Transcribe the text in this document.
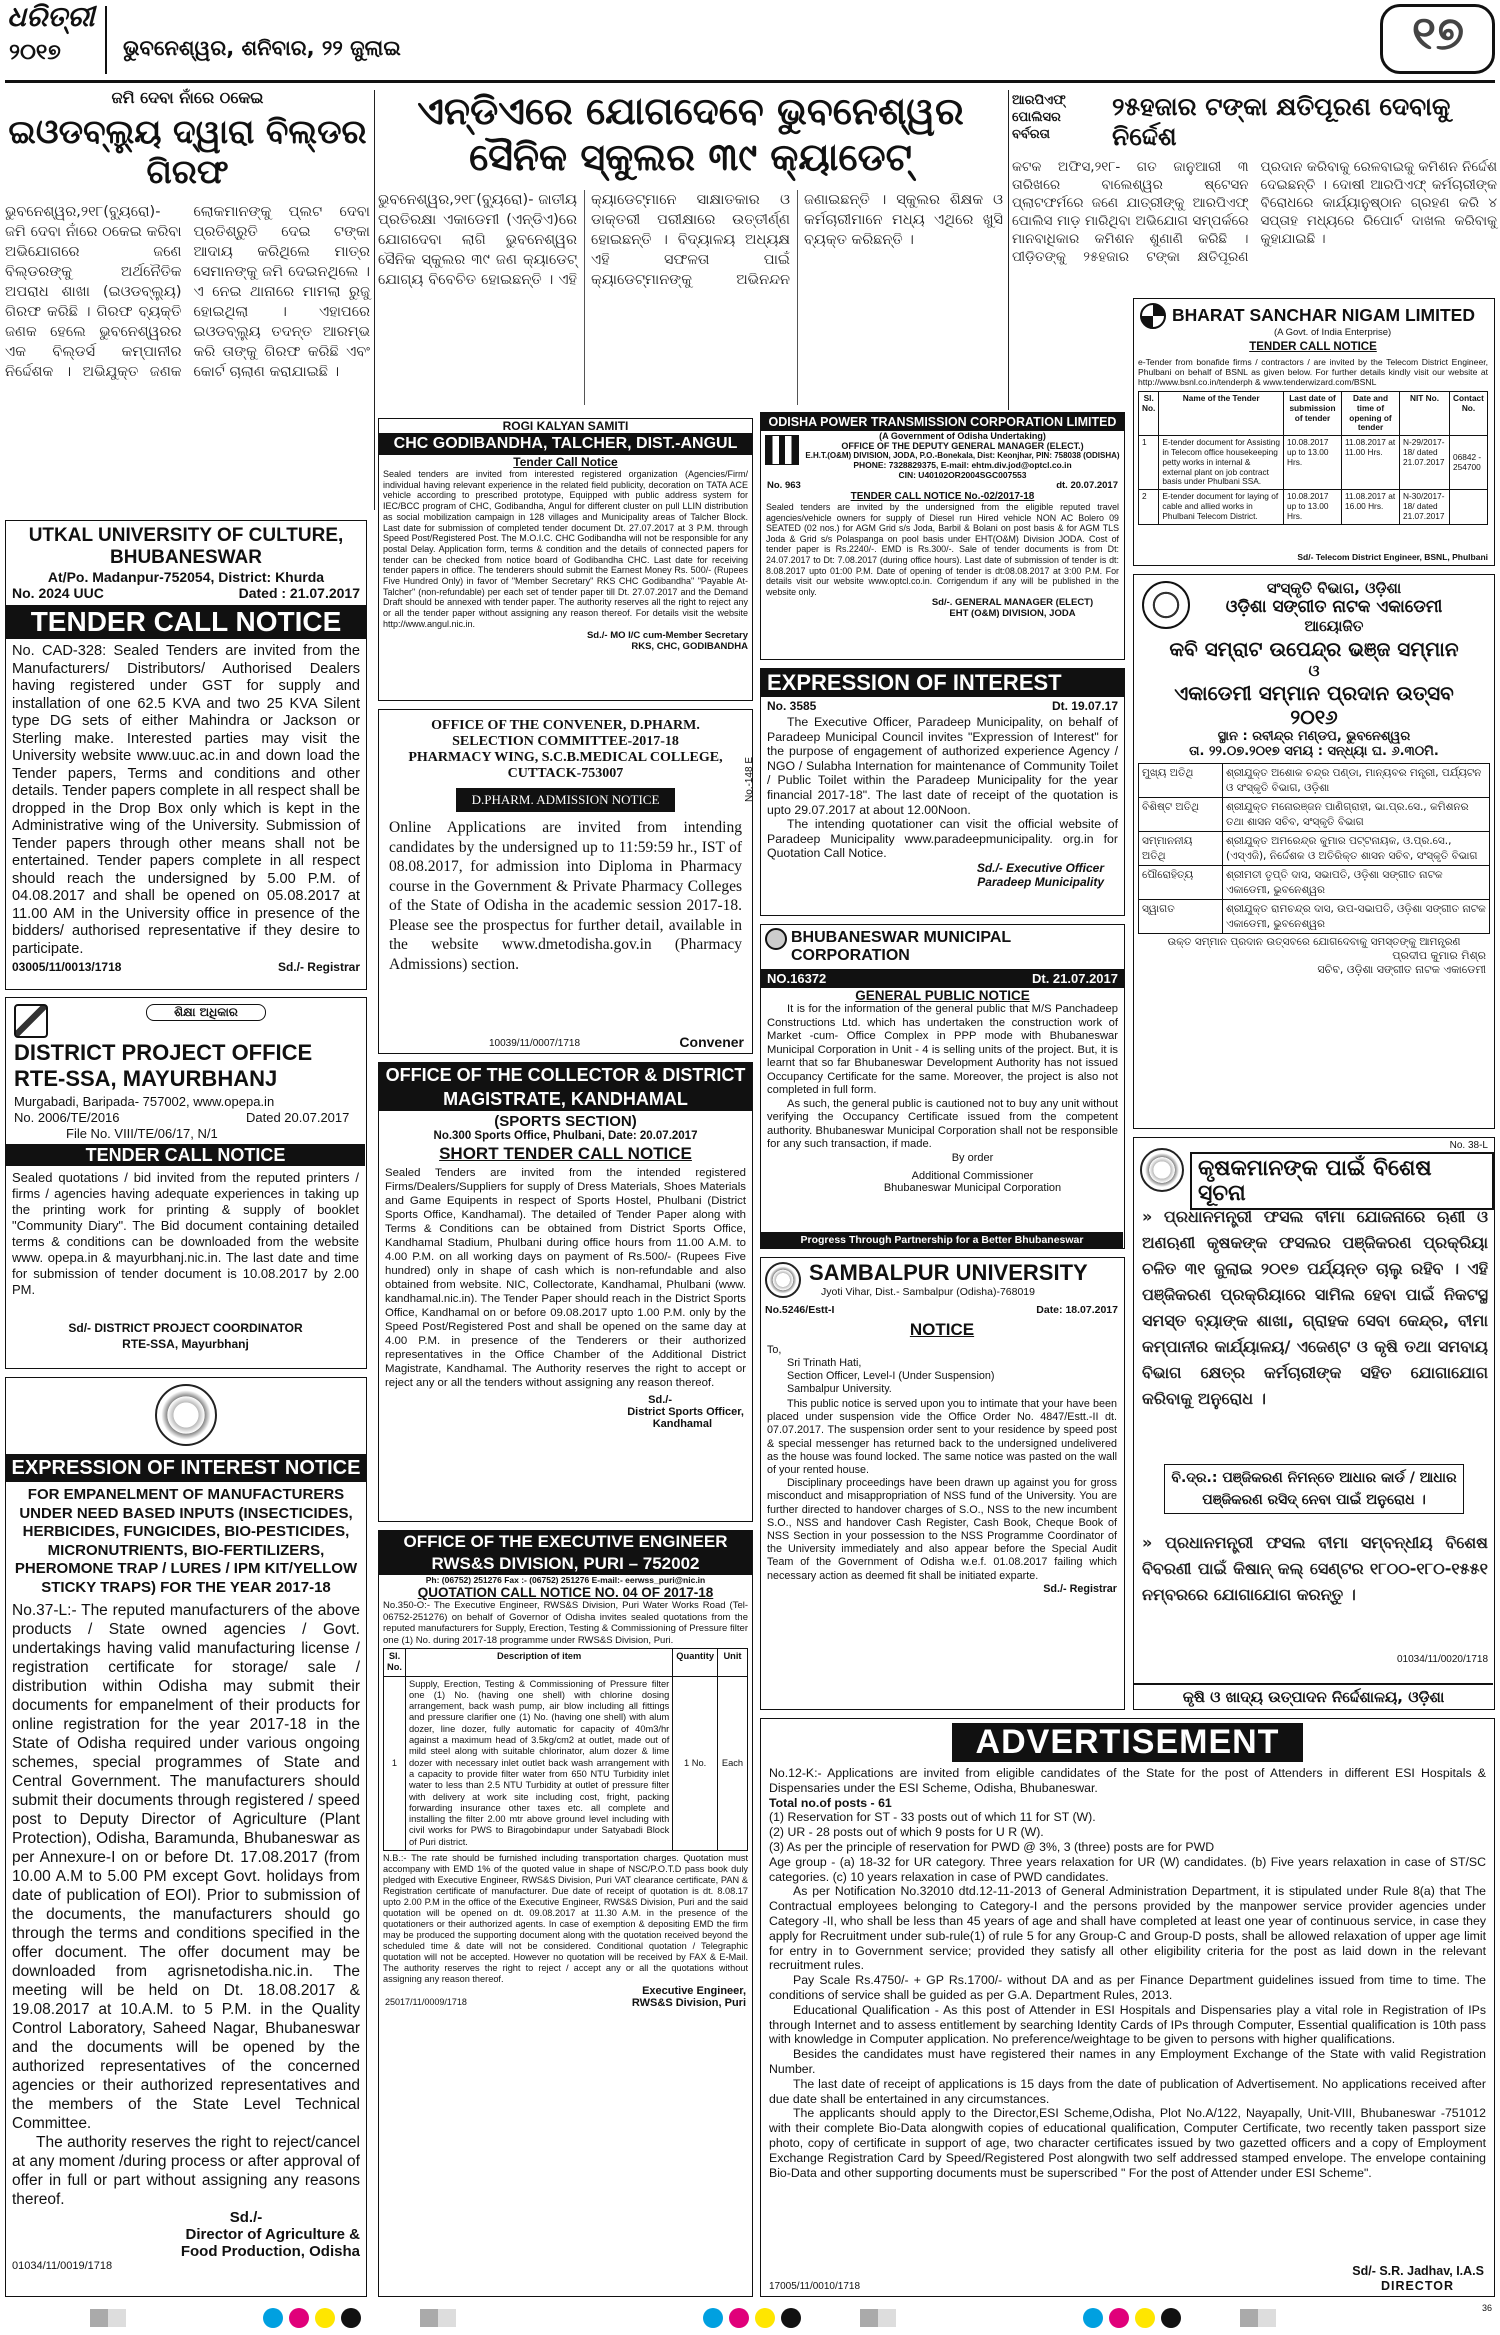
ଧରିତ୍ରୀ
୨୦୧୭	ଭୁବନେଶ୍ୱର, ଶନିବାର, ୨୨ ଜୁଲାଇ	୧୭
ଜମି ଦେବା ନାଁରେ ଠକେଇ
ଇଓଡବ୍ଲ୍ୟୁ ଦ୍ୱାରା ବିଲ୍ଡର ଗିରଫ
ଭୁବନେଶ୍ୱର,୨୧୮(ବ୍ୟୁରୋ)- ଜମି ଦେବା ନାଁରେ ଠକେଇ କରିବା ଅଭିଯୋଗରେ ଜଣେ ବିଲ୍ଡରଙ୍କୁ ଅର୍ଥନୈତିକ ଅପରାଧ ଶାଖା (ଇଓଡବ୍ଲ୍ୟୁ) ଗିରଫ କରିଛି । ଗିରଫ ବ୍ୟକ୍ତି ଜଣକ ହେଲେ ଭୁବନେଶ୍ୱରର ଏକ ବିଲ୍ଡର୍ସ କମ୍ପାନୀର ନିର୍ଦ୍ଦେଶକ । ଅଭିଯୁକ୍ତ ଜଣକ ଲୋକମାନଙ୍କୁ ପ୍ଲଟ ଦେବା ପ୍ରତିଶ୍ରୁତି ଦେଇ ଟଙ୍କା ଆଦାୟ କରିଥିଲେ ମାତ୍ର ସେମାନଙ୍କୁ ଜମି ଦେଇନଥିଲେ । ଏ ନେଇ ଥାନାରେ ମାମଲା ରୁଜୁ ହୋଇଥିଲା । ଏହାପରେ ଇଓଡବ୍ଲ୍ୟୁ ତଦନ୍ତ ଆରମ୍ଭ କରି ତାଙ୍କୁ ଗିରଫ କରିଛି ଏବଂ କୋର୍ଟ ଚାଲାଣ କରାଯାଇଛି ।
ଏନ୍‌ଡିଏରେ ଯୋଗଦେବେ ଭୁବନେଶ୍ୱର
ସୈନିକ ସ୍କୁଲର ୩୯ କ୍ୟାଡେଟ୍
ଭୁବନେଶ୍ୱର,୨୧୮(ବ୍ୟୁରୋ)- ଜାତୀୟ ପ୍ରତିରକ୍ଷା ଏକାଡେମୀ (ଏନ୍‌ଡିଏ)ରେ ଯୋଗଦେବା ଲାଗି ଭୁବନେଶ୍ୱର ସୈନିକ ସ୍କୁଲର ୩୯ ଜଣ କ୍ୟାଡେଟ୍ ଯୋଗ୍ୟ ବିବେଚିତ ହୋଇଛନ୍ତି । ଏହି କ୍ୟାଡେଟ୍‌ମାନେ ସାକ୍ଷାତକାର ଓ ଡାକ୍ତରୀ ପରୀକ୍ଷାରେ ଉତ୍ତୀର୍ଣ୍ଣ ହୋଇଛନ୍ତି । ବିଦ୍ୟାଳୟ ଅଧ୍ୟକ୍ଷ ଏହି ସଫଳତା ପାଇଁ କ୍ୟାଡେଟ୍‌ମାନଙ୍କୁ ଅଭିନନ୍ଦନ ଜଣାଇଛନ୍ତି । ସ୍କୁଲର ଶିକ୍ଷକ ଓ କର୍ମଚାରୀମାନେ ମଧ୍ୟ ଏଥିରେ ଖୁସି ବ୍ୟକ୍ତ କରିଛନ୍ତି ।
ଆରପିଏଫ୍ ପୋଲିସର ବର୍ବରତା
୨୫ହଜାର ଟଙ୍କା କ୍ଷତିପୂରଣ ଦେବାକୁ ନିର୍ଦ୍ଦେଶ
କଟକ ଅଫିସ,୨୧୮- ଗତ ଜାନୁଆରୀ ୩ ତାରିଖରେ ବାଲେଶ୍ୱର ଷ୍ଟେସନ ପ୍ଲାଟଫର୍ମରେ ଜଣେ ଯାତ୍ରୀଙ୍କୁ ଆରପିଏଫ୍ ପୋଲିସ ମାଡ଼ ମାରିଥିବା ଅଭିଯୋଗ ସମ୍ପର୍କରେ ମାନବାଧିକାର କମିଶନ ଶୁଣାଣି କରିଛି । ପୀଡ଼ିତଙ୍କୁ ୨୫ହଜାର ଟଙ୍କା କ୍ଷତିପୂରଣ ପ୍ରଦାନ କରିବାକୁ ରେଳବାଇକୁ କମିଶନ ନିର୍ଦ୍ଦେଶ ଦେଇଛନ୍ତି । ଦୋଷୀ ଆରପିଏଫ୍ କର୍ମଚାରୀଙ୍କ ବିରୋଧରେ କାର୍ଯ୍ୟାନୁଷ୍ଠାନ ଗ୍ରହଣ କରି ୪ ସପ୍ତାହ ମଧ୍ୟରେ ରିପୋର୍ଟ ଦାଖଲ କରିବାକୁ କୁହାଯାଇଛି ।
UTKAL UNIVERSITY OF CULTURE, BHUBANESWAR
At/Po. Madanpur-752054, District: Khurda
No. 2024 UUC	Dated : 21.07.2017
TENDER CALL NOTICE
No. CAD-328: Sealed Tenders are invited from the Manufacturers/ Distributors/ Authorised Dealers having registered under GST for supply and installation of one 62.5 KVA and two 25 KVA Silent type DG sets of either Mahindra or Jackson or Sterling make. Interested parties may visit the University website www.uuc.ac.in and down load the Tender papers, Terms and conditions and other details. Tender papers complete in all respect shall be dropped in the Drop Box only which is kept in the Administrative wing of the University. Submission of Tender papers through other means shall not be entertained. Tender papers complete in all respect should reach the undersigned by 5.00 P.M. of 04.08.2017 and shall be opened on 05.08.2017 at 11.00 AM in the University office in presence of the bidders/ authorised representative if they desire to participate.
03005/11/0013/1718	Sd./- Registrar
ଶିକ୍ଷା ଅଧିକାର
DISTRICT PROJECT OFFICE
RTE-SSA, MAYURBHANJ
Murgabadi, Baripada- 757002, www.opepa.in
No. 2006/TE/2016	Dated 20.07.2017
File No. VIII/TE/06/17, N/1
TENDER CALL NOTICE
Sealed quotations / bid invited from the reputed printers / firms / agencies having adequate experiences in taking up the printing work for printing & supply of booklet "Community Diary". The Bid document containing detailed terms & conditions can be downloaded from the website www. opepa.in & mayurbhanj.nic.in. The last date and time for submission of tender document is 10.08.2017 by 2.00 PM.
Sd/- DISTRICT PROJECT COORDINATOR
RTE-SSA, Mayurbhanj
EXPRESSION OF INTEREST NOTICE
FOR EMPANELMENT OF MANUFACTURERS UNDER NEED BASED INPUTS (INSECTICIDES, HERBICIDES, FUNGICIDES, BIO-PESTICIDES, MICRONUTRIENTS, BIO-FERTILIZERS, PHEROMONE TRAP / LURES / IPM KIT/YELLOW STICKY TRAPS) FOR THE YEAR 2017-18
No.37-L:- The reputed manufacturers of the above products / State owned agencies / Govt. undertakings having valid manufacturing license / registration certificate for storage/ sale / distribution within Odisha may submit their documents for empanelment of their products for online registration for the year 2017-18 in the State of Odisha required under various ongoing schemes, special programmes of State and Central Government. The manufacturers should submit their documents through registered / speed post to Deputy Director of Agriculture (Plant Protection), Odisha, Baramunda, Bhubaneswar as per Annexure-I on or before Dt. 17.08.2017 (from 10.00 A.M to 5.00 PM except Govt. holidays from date of publication of EOI). Prior to submission of the documents, the manufacturers should go through the terms and conditions specified in the offer document. The offer document may be downloaded from agrisnetodisha.nic.in. The meeting will be held on Dt. 18.08.2017 & 19.08.2017 at 10.A.M. to 5 P.M. in the Quality Control Laboratory, Saheed Nagar, Bhubaneswar and the documents will be opened by the authorized representatives of the concerned agencies or their authorized representatives and the members of the State Level Technical Committee.
The authority reserves the right to reject/cancel at any moment /during process or after approval of offer in full or part without assigning any reasons thereof.
Sd./-
Director of Agriculture &
Food Production, Odisha
01034/11/0019/1718
ROGI KALYAN SAMITI
CHC GODIBANDHA, TALCHER, DIST.-ANGUL
Tender Call Notice
Sealed tenders are invited from interested registered organization (Agencies/Firm/ individual having relevant experience in the related field publicity, decoration on TATA ACE vehicle according to prescribed prototype, Equipped with public address system for IEC/BCC program of CHC, Godibandha, Angul for different cluster on pull LLIN distribution as social mobilization campaign in 128 villages and Municipality areas of Talcher Block. Last date for submission of completed tender document Dt. 27.07.2017 at 3 P.M. through Speed Post/Registered Post. The M.O.I.C. CHC Godibandha will not be responsible for any postal Delay. Application form, terms & condition and the details of connected papers for tender can be checked from notice board of Godibandha CHC. Last date for receiving tender papers in office. The tenderers should submit the Earnest Money Rs. 500/- (Rupees Five Hundred Only) in favor of "Member Secretary" RKS CHC Godibandha" "Payable At-Talcher" (non-refundable) per each set of tender paper till Dt. 27.07.2017 and the Demand Draft should be annexed with tender paper. The authority reserves all the right to reject any or all the tender paper without assigning any reason thereof. For details visit the website http://www.angul.nic.in.
Sd./- MO I/C cum-Member Secretary
RKS, CHC, GODIBANDHA
OFFICE OF THE CONVENER, D.PHARM.
SELECTION COMMITTEE-2017-18
PHARMACY WING, S.C.B.MEDICAL COLLEGE,
CUTTACK-753007	No.-148 E
D.PHARM. ADMISSION NOTICE
Online Applications are invited from intending candidates by the undersigned up to 11:59:59 hr., IST of 08.08.2017, for admission into Diploma in Pharmacy course in the Government & Private Pharmacy Colleges of the State of Odisha in the academic session 2017-18. Please see the prospectus for further detail, available in the website www.dmetodisha.gov.in (Pharmacy Admissions) section.
10039/11/0007/1718	Convener
OFFICE OF THE COLLECTOR & DISTRICT
MAGISTRATE, KANDHAMAL
(SPORTS SECTION)
No.300 Sports Office, Phulbani, Date: 20.07.2017
SHORT TENDER CALL NOTICE
Sealed Tenders are invited from the intended registered Firms/Dealers/Suppliers for supply of Dress Materials, Shoes Materials and Game Equipents in respect of Sports Hostel, Phulbani (District Sports Office, Kandhamal). The detailed of Tender Paper along with Terms & Conditions can be obtained from District Sports Office, Kandhamal Stadium, Phulbani during office hours from 11.00 A.M. to 4.00 P.M. on all working days on payment of Rs.500/- (Rupees Five hundred) only in shape of cash which is non-refundable and also obtained from website. NIC, Collectorate, Kandhamal, Phulbani (www. kandhamal.nic.in). The Tender Paper should reach in the District Sports Office, Kandhamal on or before 09.08.2017 upto 1.00 P.M. only by the Speed Post/Registered Post and shall be opened on the same day at 4.00 P.M. in presence of the Tenderers or their authorized representatives in the Office Chamber of the Additional District Magistrate, Kandhamal. The Authority reserves the right to accept or reject any or all the tenders without assigning any reason thereof.
Sd./-
District Sports Officer,
Kandhamal
OFFICE OF THE EXECUTIVE ENGINEER
RWS&S DIVISION, PURI – 752002
Ph: (06752) 251276 Fax :- (06752) 251276 E-mail:- eerwss_puri@nic.in
QUOTATION CALL NOTICE NO. 04 OF 2017-18
No.350-O:- The Executive Engineer, RWS&S Division, Puri Water Works Road (Tel- 06752-251276) on behalf of Governor of Odisha invites sealed quotations from the reputed manufacturers for Supply, Erection, Testing & Commissioning of Pressure filter one (1) No. during 2017-18 programme under RWS&S Division, Puri.
Sl. No.	Description of item	Quantity	Unit
1	Supply, Erection, Testing & Commissioning of Pressure filter one (1) No. (having one shell) with chlorine dosing arrangement, back wash pump, air blow including all fittings and pressure clarifier one (1) No. (having one shell) with alum dozer, line dozer, fully automatic for capacity of 40m3/hr against a maximum head of 3.5kg/cm2 at outlet, made out of mild steel along with suitable chlorinator, alum dozer & lime dozer with necessary inlet outlet back wash arrangement with a capacity to provide filter water from 650 NTU Turbidity inlet water to less than 2.5 NTU Turbidity at outlet of pressure filter with delivery at work site including cost, fright, packing forwarding insurance other taxes etc. all complete and installing the filter 2.00 mtr above ground level including with civil works for PWS to Biragobindapur under Satyabadi Block of Puri district.	1 No.	Each
N.B.:- The rate should be furnished including transportation charges. Quotation must accompany with EMD 1% of the quoted value in shape of NSC/P.O.T.D pass book duly pledged with Executive Engineer, RWS&S Division, Puri VAT clearance certificate, PAN & Registration certificate of manufacturer. Due date of receipt of quotation is dt. 8.08.17 upto 2.00 P.M in the office of the Executive Engineer, RWS&S Division, Puri and the said quotation will be opened on dt. 09.08.2017 at 11.30 A.M. in the presence of the quotationers or their authorized agents. In case of exemption & depositing EMD the firm may be produced the supporting document along with the quotation received beyond the scheduled time & date will not be considered. Conditional quotation / Telegraphic quotation will not be accepted. However no quotation will be received by FAX & E-Mail. The authority reserves the right to reject / accept any or all the quotations without assigning any reason thereof.
Executive Engineer,
25017/11/0009/1718	RWS&S Division, Puri
ODISHA POWER TRANSMISSION CORPORATION LIMITED
(A Government of Odisha Undertaking)
OFFICE OF THE DEPUTY GENERAL MANAGER (ELECT.)
E.H.T.(O&M) DIVISION, JODA, P.O.-Bonekala, Dist: Keonjhar, PIN: 758038 (ODISHA)
PHONE: 7328829375, E-mail: ehtm.div.jod@optcl.co.in
CIN: U40102OR2004SGC007553
No. 963	dt. 20.07.2017
TENDER CALL NOTICE No.-02/2017-18
Sealed tenders are invited by the undersigned from the eligible reputed travel agencies/vehicle owners for supply of Diesel run Hired vehicle NON AC Bolero 09 SEATED (02 nos.) for AGM Grid s/s Joda, Barbil & Bolani on post basis & for AGM TLS Joda & Grid s/s Polaspanga on pool basis under EHT(O&M) Division JODA. Cost of tender paper is Rs.2240/-. EMD is Rs.300/-. Sale of tender documents is from Dt: 24.07.2017 to Dt: 7.08.2017 (during office hours). Last date of submission of tender is dt: 8.08.2017 upto 01:00 P.M. Date of opening of tender is dt:08.08.2017 at 3:00 P.M. For details visit our website www.optcl.co.in. Corrigendum if any will be published in the website only.
Sd/-. GENERAL MANAGER (ELECT)
EHT (O&M) DIVISION, JODA
EXPRESSION OF INTEREST
No. 3585	Dt. 19.07.17
The Executive Officer, Paradeep Municipality, on behalf of Paradeep Municipal Council invites "Expression of Interest" for the purpose of engagement of authorized experience Agency / NGO / Sulabha Internation for maintenance of Community Toilet / Public Toilet within the Paradeep Municipality for the year financial 2017-18". The last date of receipt of the quotation is upto 29.07.2017 at about 12.00Noon.
The intending quotationer can visit the official website of Paradeep Municipality www.paradeepmunicipality. org.in for Quotation Call Notice.
Sd./- Executive Officer
Paradeep Municipality
BHUBANESWAR MUNICIPAL CORPORATION
NO.16372	Dt. 21.07.2017
GENERAL PUBLIC NOTICE
It is for the information of the general public that M/S Panchadeep Constructions Ltd. which has undertaken the construction work of Market -cum- Office Complex in PPP mode with Bhubaneswar Municipal Corporation in Unit - 4 is selling units of the project. But, it is learnt that so far Bhubaneswar Development Authority has not issued Occupancy Certificate for the same. Moreover, the project is also not completed in full form.
As such, the general public is cautioned not to buy any unit without verifying the Occupancy Certificate issued from the competent authority. Bhubaneswar Municipal Corporation shall not be responsible for any such transaction, if made.
By order
Additional Commissioner
Bhubaneswar Municipal Corporation
Progress Through Partnership for a Better Bhubaneswar
SAMBALPUR UNIVERSITY
Jyoti Vihar, Dist.- Sambalpur (Odisha)-768019
No.5246/Estt-I	Date: 18.07.2017
NOTICE
To,
Sri Trinath Hati,
Section Officer, Level-I (Under Suspension)
Sambalpur University.
This public notice is served upon you to intimate that your have been placed under suspension vide the Office Order No. 4847/Estt.-II dt. 07.07.2017. The suspension order sent to your residence by speed post & special messenger has returned back to the undersigned undelivered as the house was found locked. The same notice was pasted on the wall of your rented house.
Disciplinary proceedings have been drawn up against you for gross misconduct and misappropriation of NSS fund of the University. You are further directed to handover charges of S.O., NSS to the new incumbent S.O., NSS and handover Cash Register, Cash Book, Cheque Book of NSS Section in your possession to the NSS Programme Coordinator of the University immediately and also appear before the Special Audit Team of the Government of Odisha w.e.f. 01.08.2017 failing which necessary action as deemed fit shall be initiated exparte.
Sd./- Registrar
BHARAT SANCHAR NIGAM LIMITED
(A Govt. of India Enterprise)
TENDER CALL NOTICE
e-Tender from bonafide firms / contractors / are invited by the Telecom District Engineer, Phulbani on behalf of BSNL as given below. For further details kindly visit our website at http://www.bsnl.co.in/tenderph & www.tenderwizard.com/BSNL
Sl. No.	Name of the Tender	Last date of submission of tender	Date and time of opening of tender	NIT No.	Contact No.
1	E-tender document for Assisting in Telecom office housekeeping petty works in internal & external plant on job contract basis under Phulbani SSA.	10.08.2017 up to 13.00 Hrs.	11.08.2017 at 11.00 Hrs.	N-29/2017-18/ dated 21.07.2017	06842 - 254700
2	E-tender document for laying of cable and allied works in Phulbani Telecom District.	10.08.2017 up to 13.00 Hrs.	11.08.2017 at 16.00 Hrs.	N-30/2017-18/ dated 21.07.2017	
Sd/- Telecom District Engineer, BSNL, Phulbani
ସଂସ୍କୃତି ବିଭାଗ, ଓଡ଼ିଶା
ଓଡ଼ିଶା ସଙ୍ଗୀତ ନାଟକ ଏକାଡେମୀ
ଆୟୋଜିତ
କବି ସମ୍ରାଟ ଉପେନ୍ଦ୍ର ଭଞ୍ଜ ସମ୍ମାନ
ଓ
ଏକାଡେମୀ ସମ୍ମାନ ପ୍ରଦାନ ଉତ୍ସବ
୨୦୧୬
ସ୍ଥାନ : ରବୀନ୍ଦ୍ର ମଣ୍ଡପ, ଭୁବନେଶ୍ୱର
ତା. ୨୨.୦୭.୨୦୧୭ ସମୟ : ସନ୍ଧ୍ୟା ଘ. ୬.୩୦ମି.
ମୁଖ୍ୟ ଅତିଥି	ଶ୍ରୀଯୁକ୍ତ ଅଶୋକ ଚନ୍ଦ୍ର ପଣ୍ଡା, ମାନ୍ୟବର ମନ୍ତ୍ରୀ, ପର୍ଯ୍ୟଟନ ଓ ସଂସ୍କୃତି ବିଭାଗ, ଓଡ଼ିଶା
ବିଶିଷ୍ଟ ଅତିଥି	ଶ୍ରୀଯୁକ୍ତ ମନୋରଞ୍ଜନ ପାଣିଗ୍ରାହୀ, ଭା.ପ୍ର.ସେ., କମିଶନର ତଥା ଶାସନ ସଚିବ, ସଂସ୍କୃତି ବିଭାଗ
ସମ୍ମାନନୀୟ ଅତିଥି	ଶ୍ରୀଯୁକ୍ତ ଅମରେନ୍ଦ୍ର କୁମାର ପଟ୍ଟନାୟକ, ଓ.ପ୍ର.ସେ., (ଏସ୍‌ଏଜି), ନିର୍ଦ୍ଦେଶକ ଓ ଅତିରିକ୍ତ ଶାସନ ସଚିବ, ସଂସ୍କୃତି ବିଭାଗ
ପୌରୋହିତ୍ୟ	ଶ୍ରୀମତୀ ତୃପ୍ତି ଦାସ, ସଭାପତି, ଓଡ଼ିଶା ସଙ୍ଗୀତ ନାଟକ ଏକାଡେମୀ, ଭୁବନେଶ୍ୱର
ସ୍ୱାଗତ	ଶ୍ରୀଯୁକ୍ତ ରାମଚନ୍ଦ୍ର ଦାସ, ଉପ-ସଭାପତି, ଓଡ଼ିଶା ସଙ୍ଗୀତ ନାଟକ ଏକାଡେମୀ, ଭୁବନେଶ୍ୱର
ଉକ୍ତ ସମ୍ମାନ ପ୍ରଦାନ ଉତ୍ସବରେ ଯୋଗଦେବାକୁ ସମସ୍ତଙ୍କୁ ଆମନ୍ତ୍ରଣ
ପ୍ରଦୀପ କୁମାର ମିଶ୍ର
ସଚିବ, ଓଡ଼ିଶା ସଙ୍ଗୀତ ନାଟକ ଏକାଡେମୀ
No. 38-L
କୃଷକମାନଙ୍କ ପାଇଁ ବିଶେଷ ସୂଚନା
» ପ୍ରଧାନମନ୍ତ୍ରୀ ଫସଲ ବୀମା ଯୋଜନାରେ ଋଣୀ ଓ ଅଣଋଣୀ କୃଷକଙ୍କ ଫସଲର ପଞ୍ଜିକରଣ ପ୍ରକ୍ରିୟା ଚଳିତ ୩୧ ଜୁଲାଇ ୨୦୧୭ ପର୍ଯ୍ୟନ୍ତ ଚାଲୁ ରହିବ । ଏହି ପଞ୍ଜିକରଣ ପ୍ରକ୍ରିୟାରେ ସାମିଲ ହେବା ପାଇଁ ନିକଟସ୍ଥ ସମସ୍ତ ବ୍ୟାଙ୍କ ଶାଖା, ଗ୍ରାହକ ସେବା କେନ୍ଦ୍ର, ବୀମା କମ୍ପାନୀର କାର୍ଯ୍ୟାଳୟ/ ଏଜେଣ୍ଟ ଓ କୃଷି ତଥା ସମବାୟ ବିଭାଗ କ୍ଷେତ୍ର କର୍ମଚାରୀଙ୍କ ସହିତ ଯୋଗାଯୋଗ କରିବାକୁ ଅନୁରୋଧ ।
ବି.ଦ୍ର.: ପଞ୍ଜିକରଣ ନିମନ୍ତେ ଆଧାର କାର୍ଡ / ଆଧାର ପଞ୍ଜିକରଣ ରସିଦ୍ ନେବା ପାଇଁ ଅନୁରୋଧ ।
» ପ୍ରଧାନମନ୍ତ୍ରୀ ଫସଲ ବୀମା ସମ୍ବନ୍ଧୀୟ ବିଶେଷ ବିବରଣୀ ପାଇଁ କିଷାନ୍ କଲ୍ ସେଣ୍ଟର ୧୮୦୦-୧୮୦-୧୫୫୧ ନମ୍ବରରେ ଯୋଗାଯୋଗ କରନ୍ତୁ ।
01034/11/0020/1718
କୃଷି ଓ ଖାଦ୍ୟ ଉତ୍ପାଦନ ନିର୍ଦ୍ଦେଶାଳୟ, ଓଡ଼ିଶା
ADVERTISEMENT
No.12-K:- Applications are invited from eligible candidates of the State for the post of Attenders in different ESI Hospitals & Dispensaries under the ESI Scheme, Odisha, Bhubaneswar.
Total no.of posts - 61
(1) Reservation for ST - 33 posts out of which 11 for ST (W).
(2) UR - 28 posts out of which 9 posts for U R (W).
(3) As per the principle of reservation for PWD @ 3%, 3 (three) posts are for PWD
Age group - (a) 18-32 for UR category. Three years relaxation for UR (W) candidates. (b) Five years relaxation in case of ST/SC categories. (c) 10 years relaxation in case of PWD candidates.
As per Notification No.32010 dtd.12-11-2013 of General Administration Department, it is stipulated under Rule 8(a) that The Contractual employees belonging to Category-I and the persons provided by the manpower service provider agencies under Category -II, who shall be less than 45 years of age and shall have completed at least one year of continuous service, in case they apply for Recruitment under sub-rule(1) of rule 5 for any Group-C and Group-D posts, shall be allowed relaxation of upper age limit for entry in to Government service; provided they satisfy all other eligibility criteria for the post as laid down in the relevant recruitment rules.
Pay Scale Rs.4750/- + GP Rs.1700/- without DA and as per Finance Department guidelines issued from time to time. The conditions of service shall be guided as per G.A. Department Rules, 2013.
Educational Qualification - As this post of Attender in ESI Hospitals and Dispensaries play a vital role in Registration of IPs through Internet and to assess entitlement by searching Identity Cards of IPs through Computer, Essential qualification is 10th pass with knowledge in Computer application. No preference/weightage to be given to persons with higher qualifications.
Besides the candidates must have registered their names in any Employment Exchange of the State with valid Registration Number.
The last date of receipt of applications is 15 days from the date of publication of Advertisement. No applications received after due date shall be entertained in any circumstances.
The applicants should apply to the Director,ESI Scheme,Odisha, Plot No.A/122, Nayapally, Unit-VIII, Bhubaneswar -751012 with their complete Bio-Data alongwith copies of educational qualification, Computer Certificate, two recently taken passport size photo, copy of certificate in support of age, two character certificates issued by two gazetted officers and a copy of Employment Exchange Registration Card by Speed/Registered Post alongwith two self addressed stamped envelope. The envelope containing Bio-Data and other supporting documents must be superscribed " For the post of Attender under ESI Scheme".
17005/11/0010/1718
Sd/- S.R. Jadhav, I.A.S
DIRECTOR
36
